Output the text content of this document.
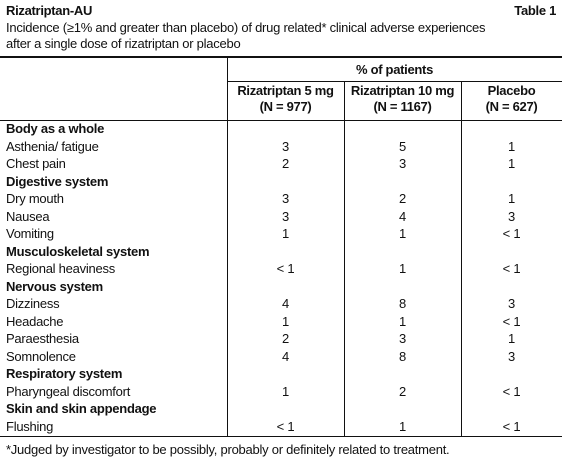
Rizatriptan-AU	Table 1
Incidence (≥1% and greater than placebo) of drug related* clinical adverse experiences
after a single dose of rizatriptan or placebo
% of patients
Rizatriptan 5 mg
(N = 977)
Rizatriptan 10 mg
(N = 1167)
Placebo
(N = 627)
Body as a whole
Asthenia/ fatigue	3	5	1
Chest pain	2	3	1
Digestive system
Dry mouth	3	2	1
Nausea	3	4	3
Vomiting	1	1	< 1
Musculoskeletal system
Regional heaviness	< 1	1	< 1
Nervous system
Dizziness	4	8	3
Headache	1	1	< 1
Paraesthesia	2	3	1
Somnolence	4	8	3
Respiratory system
Pharyngeal discomfort	1	2	< 1
Skin and skin appendage
Flushing	< 1	1	< 1
*Judged by investigator to be possibly, probably or definitely related to treatment.
